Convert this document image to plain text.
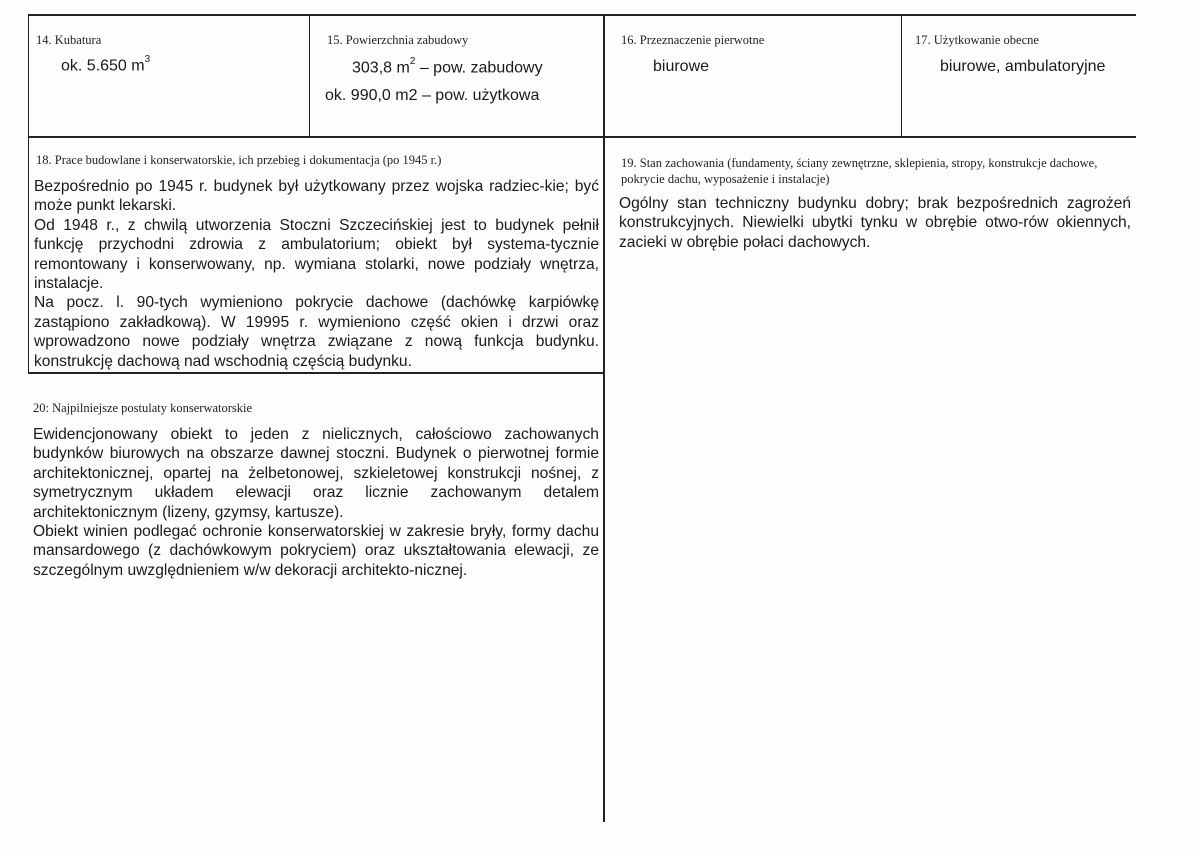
14. Kubatura
ok. 5.650 $m^3$
15. Powierzchnia zabudowy
303,8 $m^2$ – pow. zabudowy
ok. 990,0 m2 – pow. użytkowa
16. Przeznaczenie pierwotne
biurowe
17. Użytkowanie obecne
biurowe, ambulatoryjne
18. Prace budowlane i konserwatorskie, ich przebieg i dokumentacja (po 1945 r.)

Bezpośrednio po 1945 r. budynek był użytkowany przez wojska radziec-kie; być może punkt lekarski.

Od 1948 r., z chwilą utworzenia Stoczni Szczecińskiej jest to budynek pełnił funkcję przychodni zdrowia z ambulatorium; obiekt był systema-tycznie remontowany i konserwowany, np. wymiana stolarki, nowe podziały wnętrza, instalacje.

Na pocz. l. 90-tych wymieniono pokrycie dachowe (dachówkę karpiówkę zastąpiono zakładkową). W 19995 r. wymieniono część okien i drzwi oraz wprowadzono nowe podziały wnętrza związane z nową funkcja budynku. konstrukcję dachową nad wschodnią częścią budynku.

19. Stan zachowania (fundamenty, ściany zewnętrzne, sklepienia, stropy, konstrukcje dachowe, pokrycie dachu, wyposażenie i instalacje)
Ogólny stan techniczny budynku dobry; brak bezpośrednich zagrożeń konstrukcyjnych. Niewielki ubytki tynku w obrębie otwo-rów okiennych, zacieki w obrębie połaci dachowych.
20: Najpilniejsze postulaty konserwatorskie

Ewidencjonowany obiekt to jeden z nielicznych, całościowo zachowanych budynków biurowych na obszarze dawnej stoczni. Budynek o pierwotnej formie architektonicznej, opartej na żelbetonowej, szkieletowej konstrukcji nośnej, z symetrycznym układem elewacji oraz licznie zachowanym detalem architektonicznym (lizeny, gzymsy, kartusze).

Obiekt winien podlegać ochronie konserwatorskiej w zakresie bryły, formy dachu mansardowego (z dachówkowym pokryciem) oraz ukształtowania elewacji, ze szczególnym uwzględnieniem w/w dekoracji architekto-nicznej.
